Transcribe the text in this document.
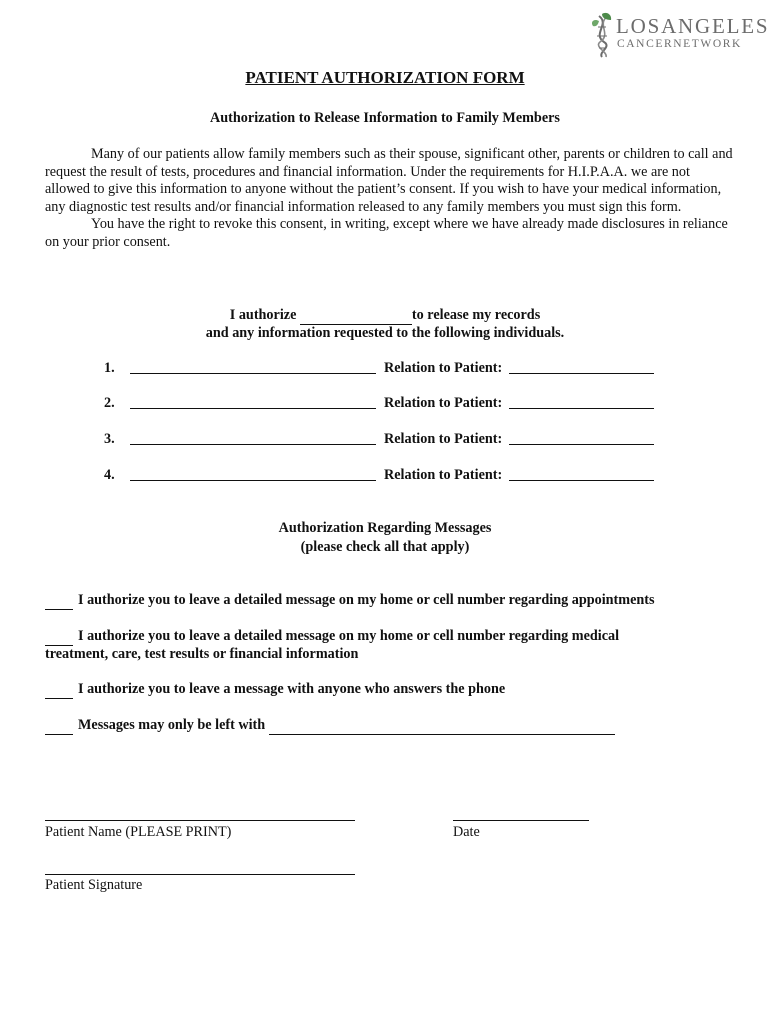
LOSANGELES
CANCERNETWORK
PATIENT AUTHORIZATION FORM
Authorization to Release Information to Family Members

Many of our patients allow family members such as their spouse, significant other, parents or children to call and request the result of tests, procedures and financial information. Under the requirements for H.I.P.A.A. we are not allowed to give this information to anyone without the patient’s consent. If you wish to have your medical information, any diagnostic test results and/or financial information released to any family members you must sign this form.

You have the right to revoke this consent, in writing, except where we have already made disclosures in reliance on your prior consent.

I authorize	to release my records
and any information requested to the following individuals.
1.	Relation to Patient:
2.	Relation to Patient:
3.	Relation to Patient:
4.	Relation to Patient:
Authorization Regarding Messages
(please check all that apply)
I authorize you to leave a detailed message on my home or cell number regarding appointments
I authorize you to leave a detailed message on my home or cell number regarding medical treatment, care, test results or financial information
I authorize you to leave a message with anyone who answers the phone
Messages may only be left with
Patient Name (PLEASE PRINT)	Date
Patient Signature
